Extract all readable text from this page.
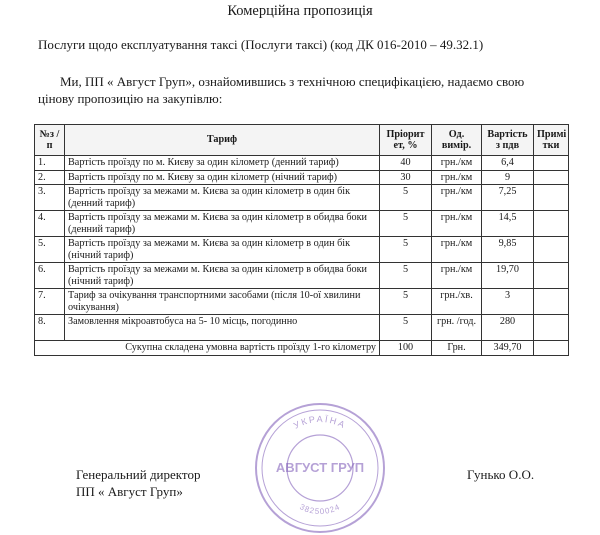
Комерційна пропозиція
Послуги щодо експлуатування таксі (Послуги таксі) (код ДК 016-2010 – 49.32.1)
Ми, ПП « Август Груп», ознайомившись з технічною специфікацією, надаємо свою цінову пропозицію на закупівлю:
№з /п	Тариф	Пріорит ет, %	Од. вимір.	Вартість з пдв	Примі тки
1.	Вартість проїзду по м. Києву за один кілометр (денний тариф)	40	грн./км	6,4	
2.	Вартість проїзду по м. Києву за один кілометр (нічний тариф)	30	грн./км	9	
3.	Вартість проїзду за межами м. Києва за один кілометр в один бік (денний тариф)	5	грн./км	7,25	
4.	Вартість проїзду за межами м. Києва за один кілометр в обидва боки (денний тариф)	5	грн./км	14,5	
5.	Вартість проїзду за межами м. Києва за один кілометр в один бік (нічний тариф)	5	грн./км	9,85	
6.	Вартість проїзду за межами м. Києва за один кілометр в обидва боки (нічний тариф)	5	грн./км	19,70	
7.	Тариф за очікування транспортними засобами (після 10-ої хвилини очікування)	5	грн./хв.	3	
8.	Замовлення мікроавтобуса на 5- 10 місць, погодинно	5	грн. /год.	280	
Сукупна складена умовна вартість проїзду 1-го кілометру		100	Грн.	349,70	
УКРАЇНА
АВГУСТ ГРУП
38250024
Генеральний директор
ПП « Август Груп»
Гунько О.О.
